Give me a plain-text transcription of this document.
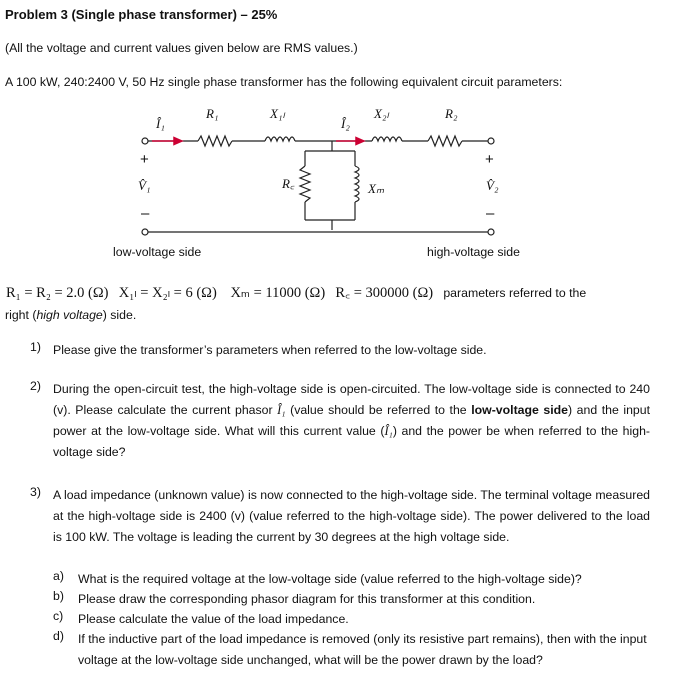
Problem 3 (Single phase transformer) – 25%
(All the voltage and current values given below are RMS values.)
A 100 kW, 240:2400 V, 50 Hz single phase transformer has the following equivalent circuit parameters:
R₁	X₁ₗ
Î₁	Î₂
X₂ₗ	R₂
V̂₁	V̂₂
R꜀	Xₘ
+
–
+
–
low-voltage side	high-voltage side
R₁ = R₂ = 2.0 (Ω) X₁ₗ = X₂ₗ = 6 (Ω) Xₘ = 11000 (Ω) R꜀ = 300000 (Ω) parameters referred to the
right (high voltage) side.
1) Please give the transformer’s parameters when referred to the low-voltage side.
2) During the open-circuit test, the high-voltage side is open-circuited. The low-voltage side is connected to 240 (v). Please calculate the current phasor Î₁ (value should be referred to the low-voltage side) and the input power at the low-voltage side. What will this current value (Î₁) and the power be when referred to the high-voltage side?
3) A load impedance (unknown value) is now connected to the high-voltage side. The terminal voltage measured at the high-voltage side is 2400 (v) (value referred to the high-voltage side). The power delivered to the load is 100 kW. The voltage is leading the current by 30 degrees at the high voltage side.
a) What is the required voltage at the low-voltage side (value referred to the high-voltage side)?
b) Please draw the corresponding phasor diagram for this transformer at this condition.
c) Please calculate the value of the load impedance.
d) If the inductive part of the load impedance is removed (only its resistive part remains), then with the input voltage at the low-voltage side unchanged, what will be the power drawn by the load?
